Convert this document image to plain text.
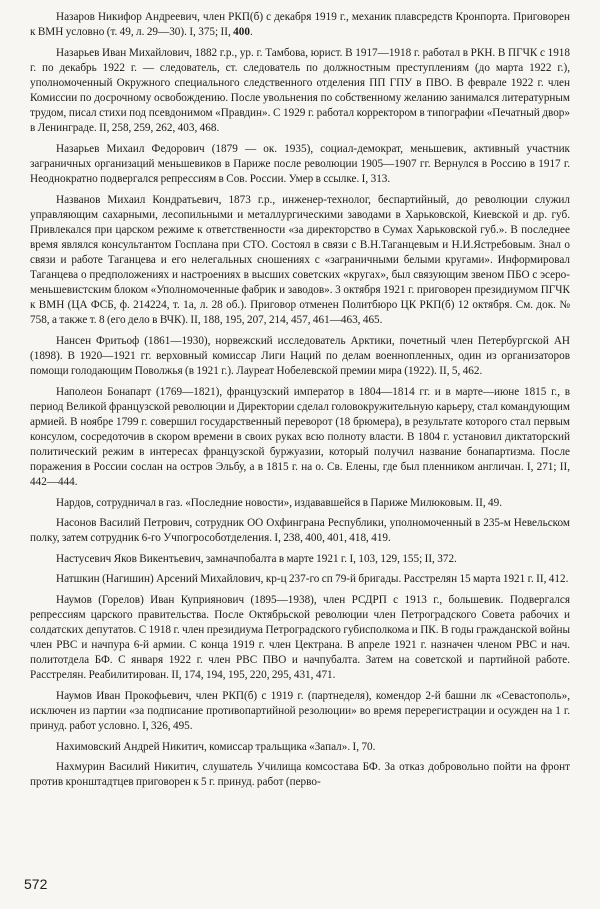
Назаров Никифор Андреевич, член РКП(б) с декабря 1919 г., механик плавсредств Кронпорта. Приговорен к ВМН условно (т. 49, л. 29—30). I, 375; II, 400.

Назарьев Иван Михайлович, 1882 г.р., ур. г. Тамбова, юрист. В 1917—1918 г. работал в РКН. В ПГЧК с 1918 г. по декабрь 1922 г. — следователь, ст. следователь по должностным преступлениям (до марта 1922 г.), уполномоченный Окружного специального следственного отделения ПП ГПУ в ПВО. В феврале 1922 г. член Комиссии по досрочному освобождению. После увольнения по собственному желанию занимался литературным трудом, писал стихи под псевдонимом «Правдин». С 1929 г. работал корректором в типографии «Печатный двор» в Ленинграде. II, 258, 259, 262, 403, 468.

Назарьев Михаил Федорович (1879 — ок. 1935), социал-демократ, меньшевик, активный участник заграничных организаций меньшевиков в Париже после революции 1905—1907 гг. Вернулся в Россию в 1917 г. Неоднократно подвергался репрессиям в Сов. России. Умер в ссылке. I, 313.

Названов Михаил Кондратьевич, 1873 г.р., инженер-технолог, беспартийный, до революции служил управляющим сахарными, лесопильными и металлургическими заводами в Харьковской, Киевской и др. губ. Привлекался при царском режиме к ответственности «за директорство в Сумах Харьковской губ.». В последнее время являлся консультантом Госплана при СТО. Состоял в связи с В.Н.Таганцевым и Н.И.Ястребовым. Знал о связи и работе Таганцева и его нелегальных сношениях с «заграничными белыми кругами». Информировал Таганцева о предположениях и настроениях в высших советских «кругах», был связующим звеном ПБО с эсеро-меньшевистским блоком «Уполномоченные фабрик и заводов». 3 октября 1921 г. приговорен президиумом ПГЧК к ВМН (ЦА ФСБ, ф. 214224, т. 1а, л. 28 об.). Приговор отменен Политбюро ЦК РКП(б) 12 октября. См. док. № 758, а также т. 8 (его дело в ВЧК). II, 188, 195, 207, 214, 457, 461—463, 465.

Нансен Фритьоф (1861—1930), норвежский исследователь Арктики, почетный член Петербургской АН (1898). В 1920—1921 гг. верховный комиссар Лиги Наций по делам военнопленных, один из организаторов помощи голодающим Поволжья (в 1921 г.). Лауреат Нобелевской премии мира (1922). II, 5, 462.

Наполеон Бонапарт (1769—1821), французский император в 1804—1814 гг. и в марте—июне 1815 г., в период Великой французской революции и Директории сделал головокружительную карьеру, стал командующим армией. В ноябре 1799 г. совершил государственный переворот (18 брюмера), в результате которого стал первым консулом, сосредоточив в скором времени в своих руках всю полноту власти. В 1804 г. установил диктаторский политический режим в интересах французской буржуазии, который получил название бонапартизма. После поражения в России сослан на остров Эльбу, а в 1815 г. на о. Св. Елены, где был пленником англичан. I, 271; II, 442—444.

Нардов, сотрудничал в газ. «Последние новости», издававшейся в Париже Милюковым. II, 49.

Насонов Василий Петрович, сотрудник ОО Охфинграна Республики, уполномоченный в 235-м Невельском полку, затем сотрудник 6-го Учпогрособотделения. I, 238, 400, 401, 418, 419.

Настусевич Яков Викентьевич, замначпобалта в марте 1921 г. I, 103, 129, 155; II, 372.

Натшкин (Нагишин) Арсений Михайлович, кр-ц 237-го сп 79-й бригады. Расстрелян 15 марта 1921 г. II, 412.

Наумов (Горелов) Иван Куприянович (1895—1938), член РСДРП с 1913 г., большевик. Подвергался репрессиям царского правительства. После Октябрьской революции член Петроградского Совета рабочих и солдатских депутатов. С 1918 г. член президиума Петроградского губисполкома и ПК. В годы гражданской войны член РВС и начпура 6-й армии. С конца 1919 г. член Цектрана. В апреле 1921 г. назначен членом РВС и нач. политотдела БФ. С января 1922 г. член РВС ПВО и начпубалта. Затем на советской и партийной работе. Расстрелян. Реабилитирован. II, 174, 194, 195, 220, 295, 431, 471.

Наумов Иван Прокофьевич, член РКП(б) с 1919 г. (партнеделя), комендор 2-й башни лк «Севастополь», исключен из партии «за подписание противопартийной резолюции» во время перерегистрации и осужден на 1 г. принуд. работ условно. I, 326, 495.

Нахимовский Андрей Никитич, комиссар тральщика «Запал». I, 70.

Нахмурин Василий Никитич, слушатель Училища комсостава БФ. За отказ добровольно пойти на фронт против кронштадтцев приговорен к 5 г. принуд. работ (перво-

572
